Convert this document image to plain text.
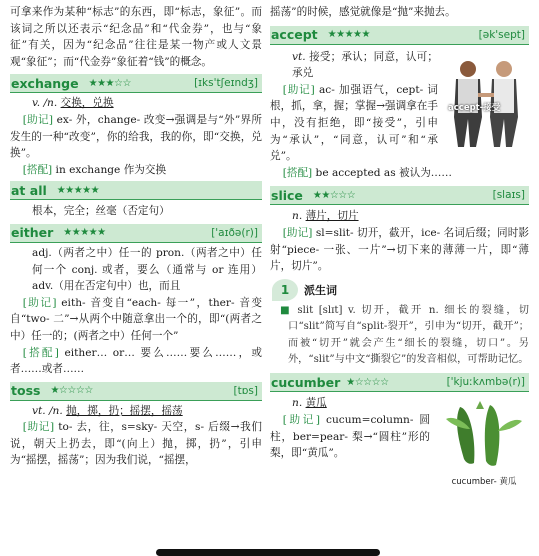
可拿来作为某种“标志”的东西，即“标志，象征”。而该词之所以还表示“纪念品”和“代金券”，也与“象征”有关，因为“纪念品”往往是某一物产或人文景观“象征”；而“代金券”象征着“钱”的概念。

exchange	★★★☆☆	[ɪks'tʃeɪndʒ]

v. /n. 交换，兑换

[助记] ex- 外，change- 改变→强调是与“外”界所发生的一种“改变”，你的给我，我的你，即“交换，兑换”。

[搭配] in exchange 作为交换

at all	★★★★★

根本，完全；丝毫（否定句）

either	★★★★★	['aɪðə(r)]

adj.（两者之中）任一的 pron.（两者之中）任何一个 conj. 或者，要么（通常与 or 连用）adv.（用在否定句中）也，而且

[助记] eith- 音变自“each- 每一”，ther- 音变自“two- 二”→从两个中随意拿出一个的，即“(两者之中）任一的；(两者之中）任何一个”

[搭配] either… or… 要么……要么……，或者……或者……

toss	★☆☆☆☆	[tɒs]

vt. /n. 抛，掷，扔；摇摆，摇荡

[助记] to- 去，往，s=sky- 天空，s- 后缀→我们说，朝天上扔去，即“(向上）抛，掷，扔”，引申为“摇摆，摇荡”；因为我们说，“摇摆，

摇荡”的时候，感觉就像是“抛”来抛去。

accept	★★★★★	[ək'sept]

vt. 接受；承认；同意，认可；承兑

[助记] ac- 加强语气，cept- 词根，抓，拿，握；掌握→强调拿在手中，没有拒绝，即“接受”，引申为“承认”，“同意，认可”和“承兑”。

accept-接受

[搭配] be accepted as 被认为……

slice	★★☆☆☆	[slaɪs]

n. 薄片，切片

[助记] sl=slit- 切开，截开，ice- 名词后缀；同时影射“piece- 一张、一片”→切下来的薄薄一片，即“薄片，切片”。

1	派生词

■ slit [slɪt] v. 切开，截开 n. 细长的裂缝，切口“slit”简写自“split-裂开”，引申为“切开，截开”；而被“切开”就会产生“细长的裂缝，切口”。另外，“slit”与中文“撕裂它”的发音相似，可帮助记忆。

cucumber ★☆☆☆☆	['kjuːkʌmbə(r)]

n. 黄瓜

[助记] cucum=column- 圆柱，ber=pear- 梨→“圆柱”形的梨，即“黄瓜”。

cucumber- 黄瓜
